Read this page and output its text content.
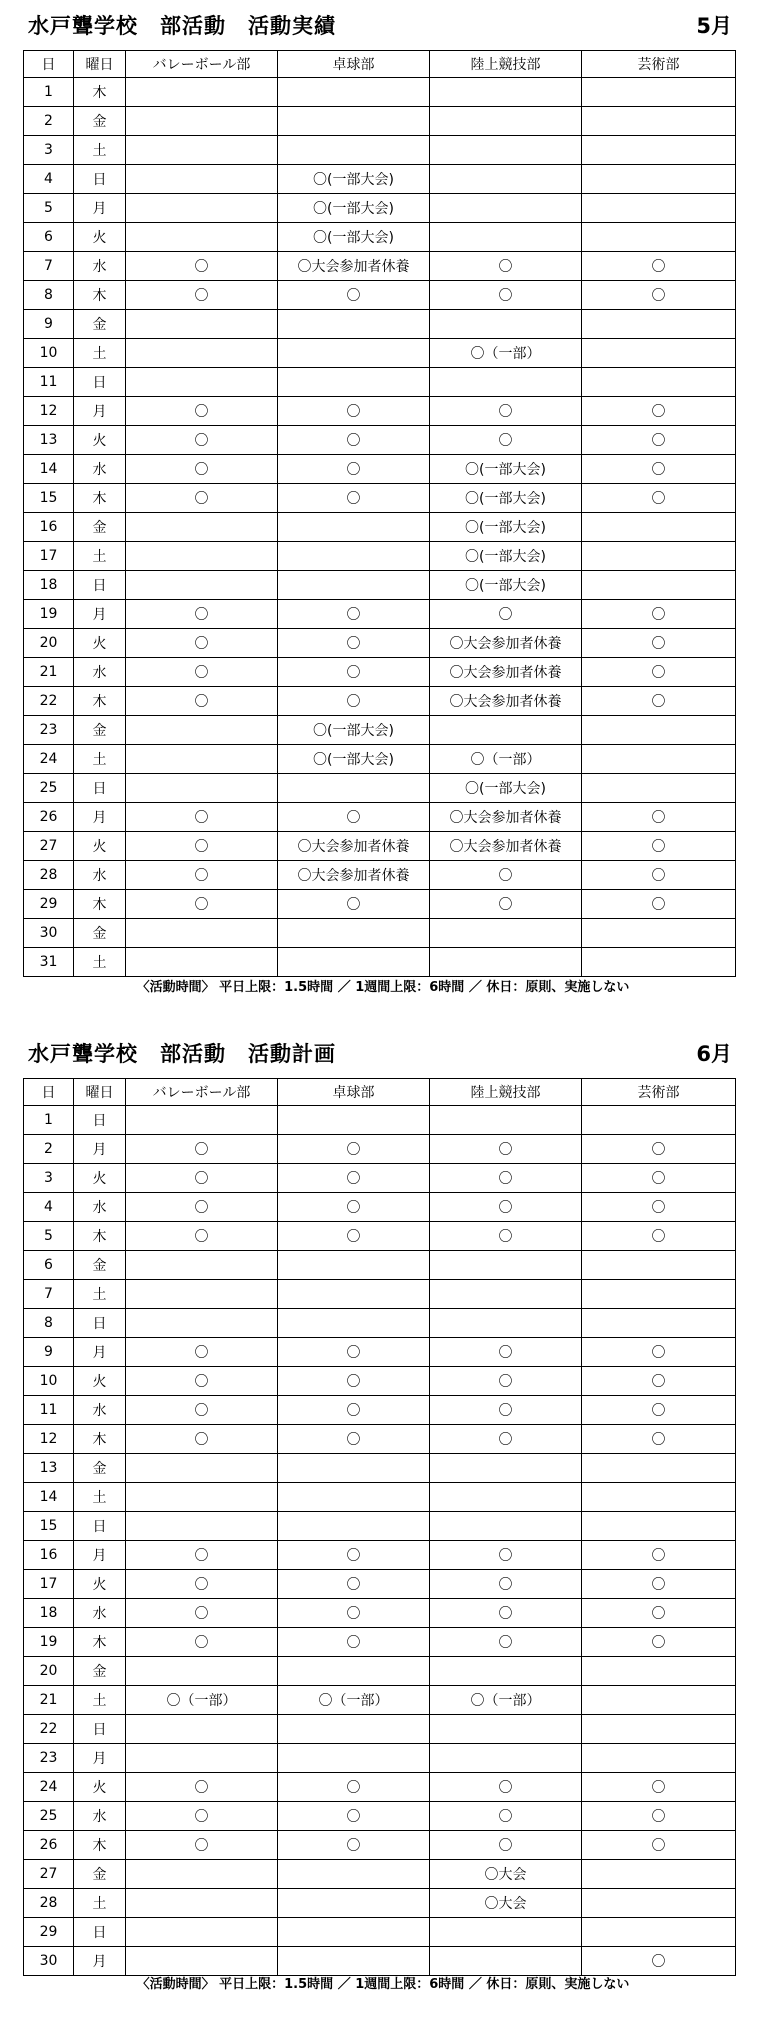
水戸聾学校　部活動　活動実績	5月
日	曜日	バレーボール部	卓球部	陸上競技部	芸術部
1	木				
2	金				
3	土				
4	日		〇(一部大会)		
5	月		〇(一部大会)		
6	火		〇(一部大会)		
7	水	〇	〇大会参加者休養	〇	〇
8	木	〇	〇	〇	〇
9	金				
10	土			〇（一部）	
11	日				
12	月	〇	〇	〇	〇
13	火	〇	〇	〇	〇
14	水	〇	〇	〇(一部大会)	〇
15	木	〇	〇	〇(一部大会)	〇
16	金			〇(一部大会)	
17	土			〇(一部大会)	
18	日			〇(一部大会)	
19	月	〇	〇	〇	〇
20	火	〇	〇	〇大会参加者休養	〇
21	水	〇	〇	〇大会参加者休養	〇
22	木	〇	〇	〇大会参加者休養	〇
23	金		〇(一部大会)		
24	土		〇(一部大会)	〇（一部）	
25	日			〇(一部大会)	
26	月	〇	〇	〇大会参加者休養	〇
27	火	〇	〇大会参加者休養	〇大会参加者休養	〇
28	水	〇	〇大会参加者休養	〇	〇
29	木	〇	〇	〇	〇
30	金				
31	土				
〈活動時間〉 平日上限：1.5時間 ／ 1週間上限：6時間 ／ 休日：原則、実施しない
水戸聾学校　部活動　活動計画	6月
日	曜日	バレーボール部	卓球部	陸上競技部	芸術部
1	日				
2	月	〇	〇	〇	〇
3	火	〇	〇	〇	〇
4	水	〇	〇	〇	〇
5	木	〇	〇	〇	〇
6	金				
7	土				
8	日				
9	月	〇	〇	〇	〇
10	火	〇	〇	〇	〇
11	水	〇	〇	〇	〇
12	木	〇	〇	〇	〇
13	金				
14	土				
15	日				
16	月	〇	〇	〇	〇
17	火	〇	〇	〇	〇
18	水	〇	〇	〇	〇
19	木	〇	〇	〇	〇
20	金				
21	土	〇（一部）	〇（一部）	〇（一部）	
22	日				
23	月				
24	火	〇	〇	〇	〇
25	水	〇	〇	〇	〇
26	木	〇	〇	〇	〇
27	金			〇大会	
28	土			〇大会	
29	日				
30	月				〇
〈活動時間〉 平日上限：1.5時間 ／ 1週間上限：6時間 ／ 休日：原則、実施しない
